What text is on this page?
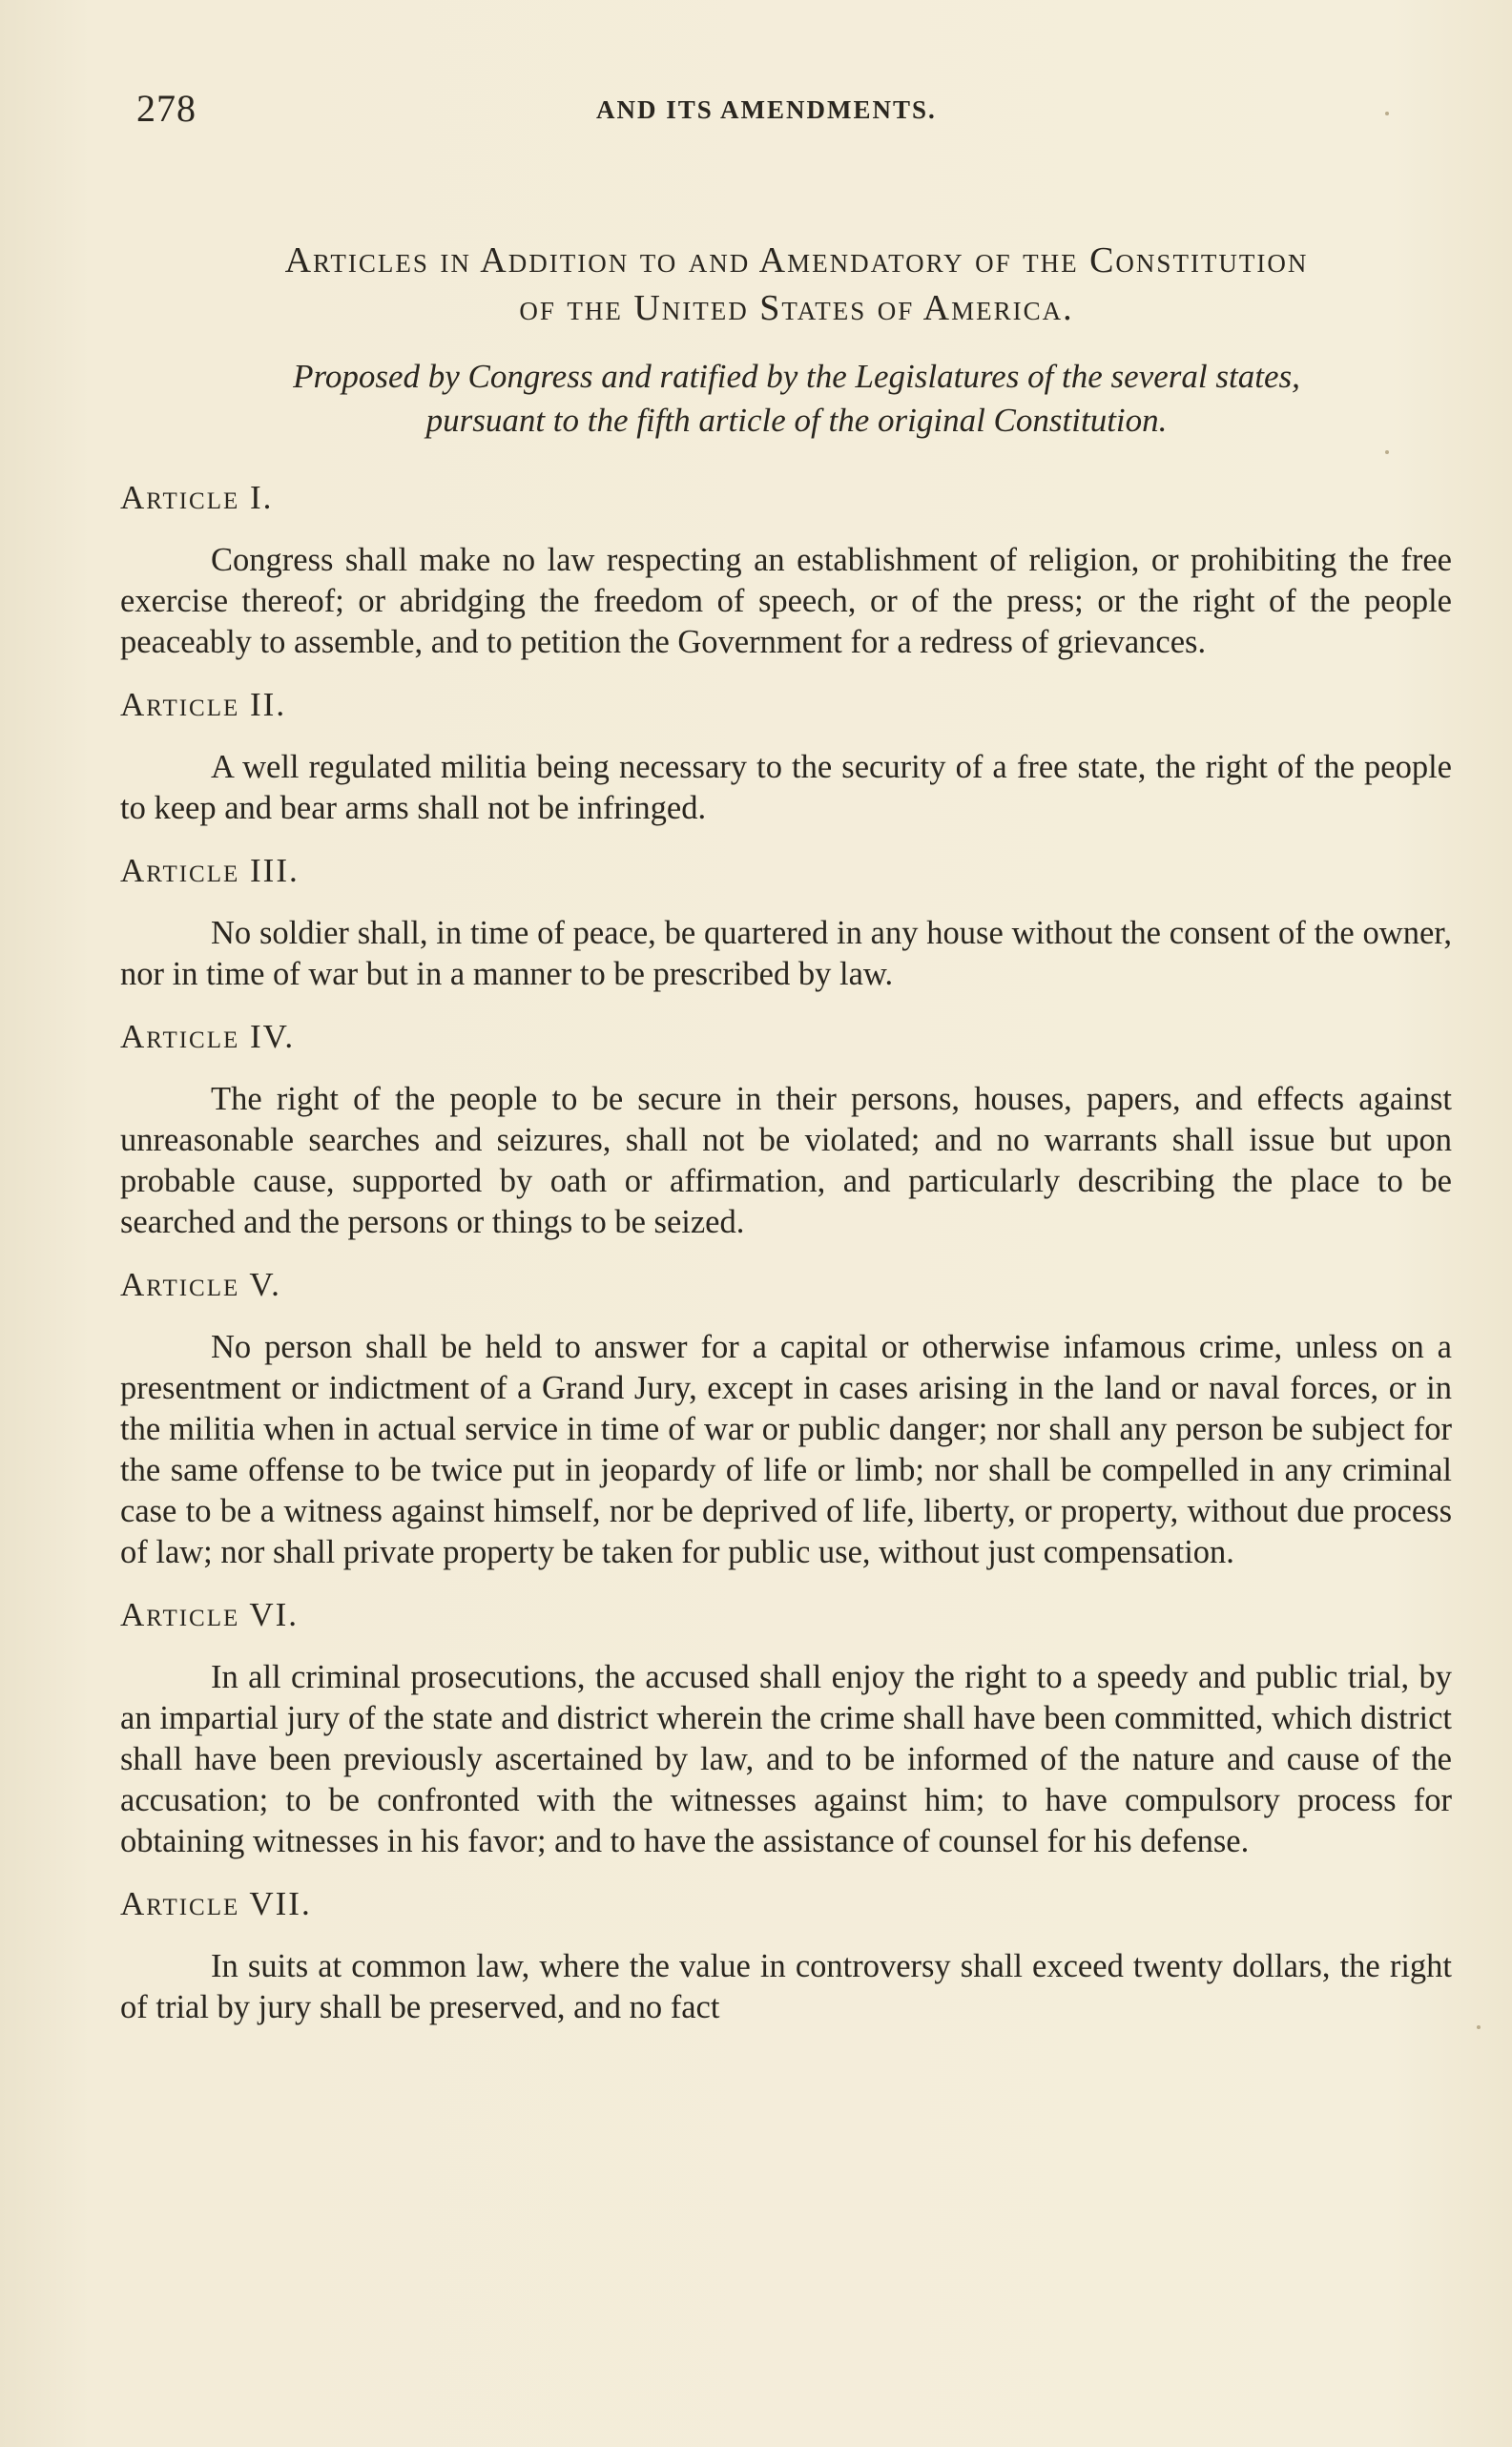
278	AND ITS AMENDMENTS.
Articles in Addition to and Amendatory of the Constitution
of the United States of America.
Proposed by Congress and ratified by the Legislatures of the several states,
pursuant to the fifth article of the original Constitution.
Article I.

Congress shall make no law respecting an establishment of religion, or prohibiting the free exercise thereof; or abridging the freedom of speech, or of the press; or the right of the people peaceably to assemble, and to petition the Government for a redress of grievances.

Article II.

A well regulated militia being necessary to the security of a free state, the right of the people to keep and bear arms shall not be infringed.

Article III.

No soldier shall, in time of peace, be quartered in any house without the consent of the owner, nor in time of war but in a manner to be prescribed by law.

Article IV.

The right of the people to be secure in their persons, houses, papers, and effects against unreasonable searches and seizures, shall not be violated; and no warrants shall issue but upon probable cause, supported by oath or affirmation, and particularly describing the place to be searched and the persons or things to be seized.

Article V.

No person shall be held to answer for a capital or otherwise infamous crime, unless on a presentment or indictment of a Grand Jury, except in cases arising in the land or naval forces, or in the militia when in actual service in time of war or public danger; nor shall any person be subject for the same offense to be twice put in jeopardy of life or limb; nor shall be compelled in any criminal case to be a witness against himself, nor be deprived of life, liberty, or property, without due process of law; nor shall private property be taken for public use, without just compensation.

Article VI.

In all criminal prosecutions, the accused shall enjoy the right to a speedy and public trial, by an impartial jury of the state and district wherein the crime shall have been committed, which district shall have been previously ascertained by law, and to be informed of the nature and cause of the accusation; to be confronted with the witnesses against him; to have compulsory process for obtaining witnesses in his favor; and to have the assistance of counsel for his defense.

Article VII.

In suits at common law, where the value in controversy shall exceed twenty dollars, the right of trial by jury shall be preserved, and no fact
